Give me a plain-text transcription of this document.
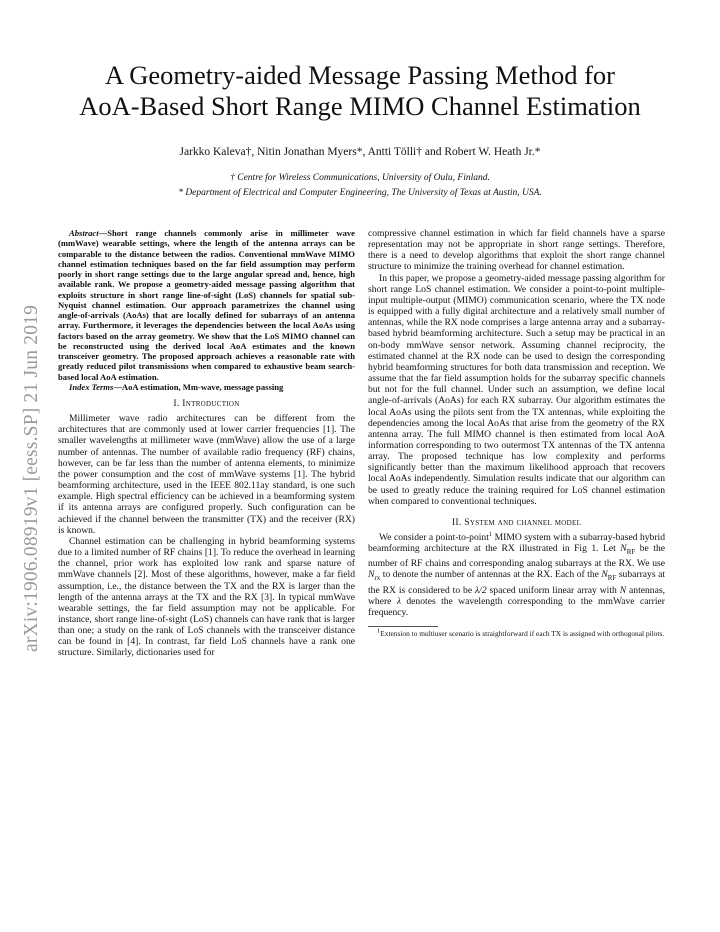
arXiv:1906.08919v1 [eess.SP] 21 Jun 2019
A Geometry-aided Message Passing Method for
AoA-Based Short Range MIMO Channel Estimation
Jarkko Kaleva†, Nitin Jonathan Myers*, Antti Tölli† and Robert W. Heath Jr.*
† Centre for Wireless Communications, University of Oulu, Finland.
* Department of Electrical and Computer Engineering, The University of Texas at Austin, USA.

Abstract—Short range channels commonly arise in millimeter wave (mmWave) wearable settings, where the length of the antenna arrays can be comparable to the distance between the radios. Conventional mmWave MIMO channel estimation techniques based on the far field assumption may perform poorly in short range settings due to the large angular spread and, hence, high available rank. We propose a geometry-aided message passing algorithm that exploits structure in short range line-of-sight (LoS) channels for spatial sub-Nyquist channel estimation. Our approach parametrizes the channel using angle-of-arrivals (AoAs) that are locally defined for subarrays of an antenna array. Furthermore, it leverages the dependencies between the local AoAs using factors based on the array geometry. We show that the LoS MIMO channel can be reconstructed using the derived local AoA estimates and the known transceiver geometry. The proposed approach achieves a reasonable rate with greatly reduced pilot transmissions when compared to exhaustive beam search-based local AoA estimation.

Index Terms—AoA estimation, Mm-wave, message passing

I. Introduction

Millimeter wave radio architectures can be different from the architectures that are commonly used at lower carrier frequencies [1]. The smaller wavelengths at millimeter wave (mmWave) allow the use of a large number of antennas. The number of available radio frequency (RF) chains, however, can be far less than the number of antenna elements, to minimize the power consumption and the cost of mmWave systems [1]. The hybrid beamforming architecture, used in the IEEE 802.11ay standard, is one such example. High spectral efficiency can be achieved in a beamforming system if its antenna arrays are configured properly. Such configuration can be achieved if the channel between the transmitter (TX) and the receiver (RX) is known.

Channel estimation can be challenging in hybrid beamforming systems due to a limited number of RF chains [1]. To reduce the overhead in learning the channel, prior work has exploited low rank and sparse nature of mmWave channels [2]. Most of these algorithms, however, make a far field assumption, i.e., the distance between the TX and the RX is larger than the length of the antenna arrays at the TX and the RX [3]. In typical mmWave wearable settings, the far field assumption may not be applicable. For instance, short range line-of-sight (LoS) channels can have rank that is larger than one; a study on the rank of LoS channels with the transceiver distance can be found in [4]. In contrast, far field LoS channels have a rank one structure. Similarly, dictionaries used for

compressive channel estimation in which far field channels have a sparse representation may not be appropriate in short range settings. Therefore, there is a need to develop algorithms that exploit the short range channel structure to minimize the training overhead for channel estimation.

In this paper, we propose a geometry-aided message passing algorithm for short range LoS channel estimation. We consider a point-to-point multiple-input multiple-output (MIMO) communication scenario, where the TX node is equipped with a fully digital architecture and a relatively small number of antennas, while the RX node comprises a large antenna array and a subarray-based hybrid beamforming architecture. Such a setup may be practical in an on-body mmWave sensor network. Assuming channel reciprocity, the estimated channel at the RX node can be used to design the corresponding hybrid beamforming structures for both data transmission and reception. We assume that the far field assumption holds for the subarray specific channels but not for the full channel. Under such an assumption, we define local angle-of-arrivals (AoAs) for each RX subarray. Our algorithm estimates the local AoAs using the pilots sent from the TX antennas, while exploiting the dependencies among the local AoAs that arise from the geometry of the RX antenna array. The full MIMO channel is then estimated from local AoA information corresponding to two outermost TX antennas of the TX antenna array. The proposed technique has low complexity and performs significantly better than the maximum likelihood approach that recovers local AoAs independently. Simulation results indicate that our algorithm can be used to greatly reduce the training required for LoS channel estimation when compared to conventional techniques.

II. System and channel model

We consider a point-to-point$^1$ MIMO system with a subarray-based hybrid beamforming architecture at the RX illustrated in Fig 1. Let $N_{RF}$ be the number of RF chains and corresponding analog subarrays at the RX. We use $N_{rx}$ to denote the number of antennas at the RX. Each of the $N_{RF}$ subarrays at the RX is considered to be λ/2 spaced uniform linear array with N antennas, where λ denotes the wavelength corresponding to the mmWave carrier frequency.

$^1$Extension to multiuser scenario is straightforward if each TX is assigned with orthogonal pilots.
